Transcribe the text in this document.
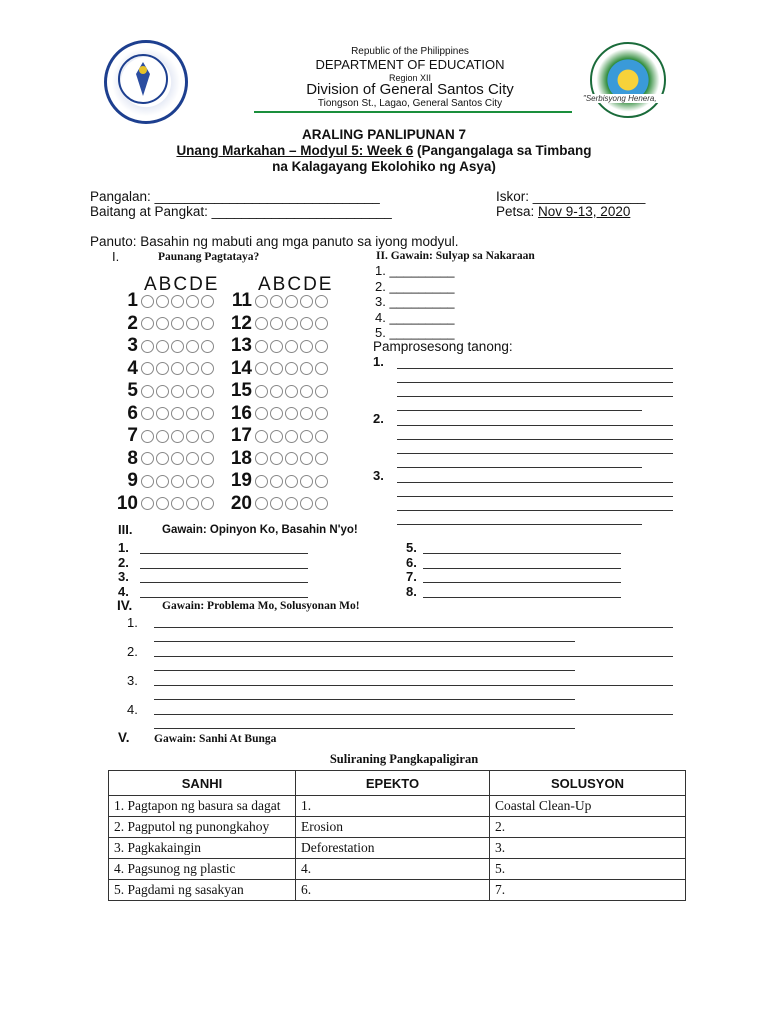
Republic of the Philippines
DEPARTMENT OF EDUCATION
Region XII
Division of General Santos City
Tiongson St., Lagao, General Santos City	"Serbisyong Henera,
ARALING PANLIPUNAN 7
Unang Markahan – Modyul 5: Week 6 (Pangangalaga sa Timbang
na Kalagayang Ekolohiko ng Asya)
Pangalan: ______________________________
Baitang at Pangkat: ________________________
Iskor: _______________
Petsa: Nov 9-13, 2020
Panuto: Basahin ng mabuti ang mga panuto sa iyong modyul.
I.	Paunang Pagtataya?
ABCDE ABCDE
1
2
3
4
5
6
7
8
9
10
11
12
13
14
15
16
17
18
19
20
II. Gawain: Sulyap sa Nakaraan
1. _________
2. _________
3. _________
4. _________
5. _________
Pamprosesong tanong:
1.
2.
3.
III.	Gawain: Opinyon Ko, Basahin N'yo!
1.
2.
3.
4.
5.
6.
7.
8.
IV.	Gawain: Problema Mo, Solusyonan Mo!
1.
2.
3.
4.
V. Gawain: Sanhi At Bunga
Suliraning Pangkapaligiran
SANHI	EPEKTO	SOLUSYON
1. Pagtapon ng basura sa dagat	1.	Coastal Clean-Up
2. Pagputol ng punongkahoy	Erosion	2.
3. Pagkakaingin	Deforestation	3.
4. Pagsunog ng plastic	4.	5.
5. Pagdami ng sasakyan	6.	7.
